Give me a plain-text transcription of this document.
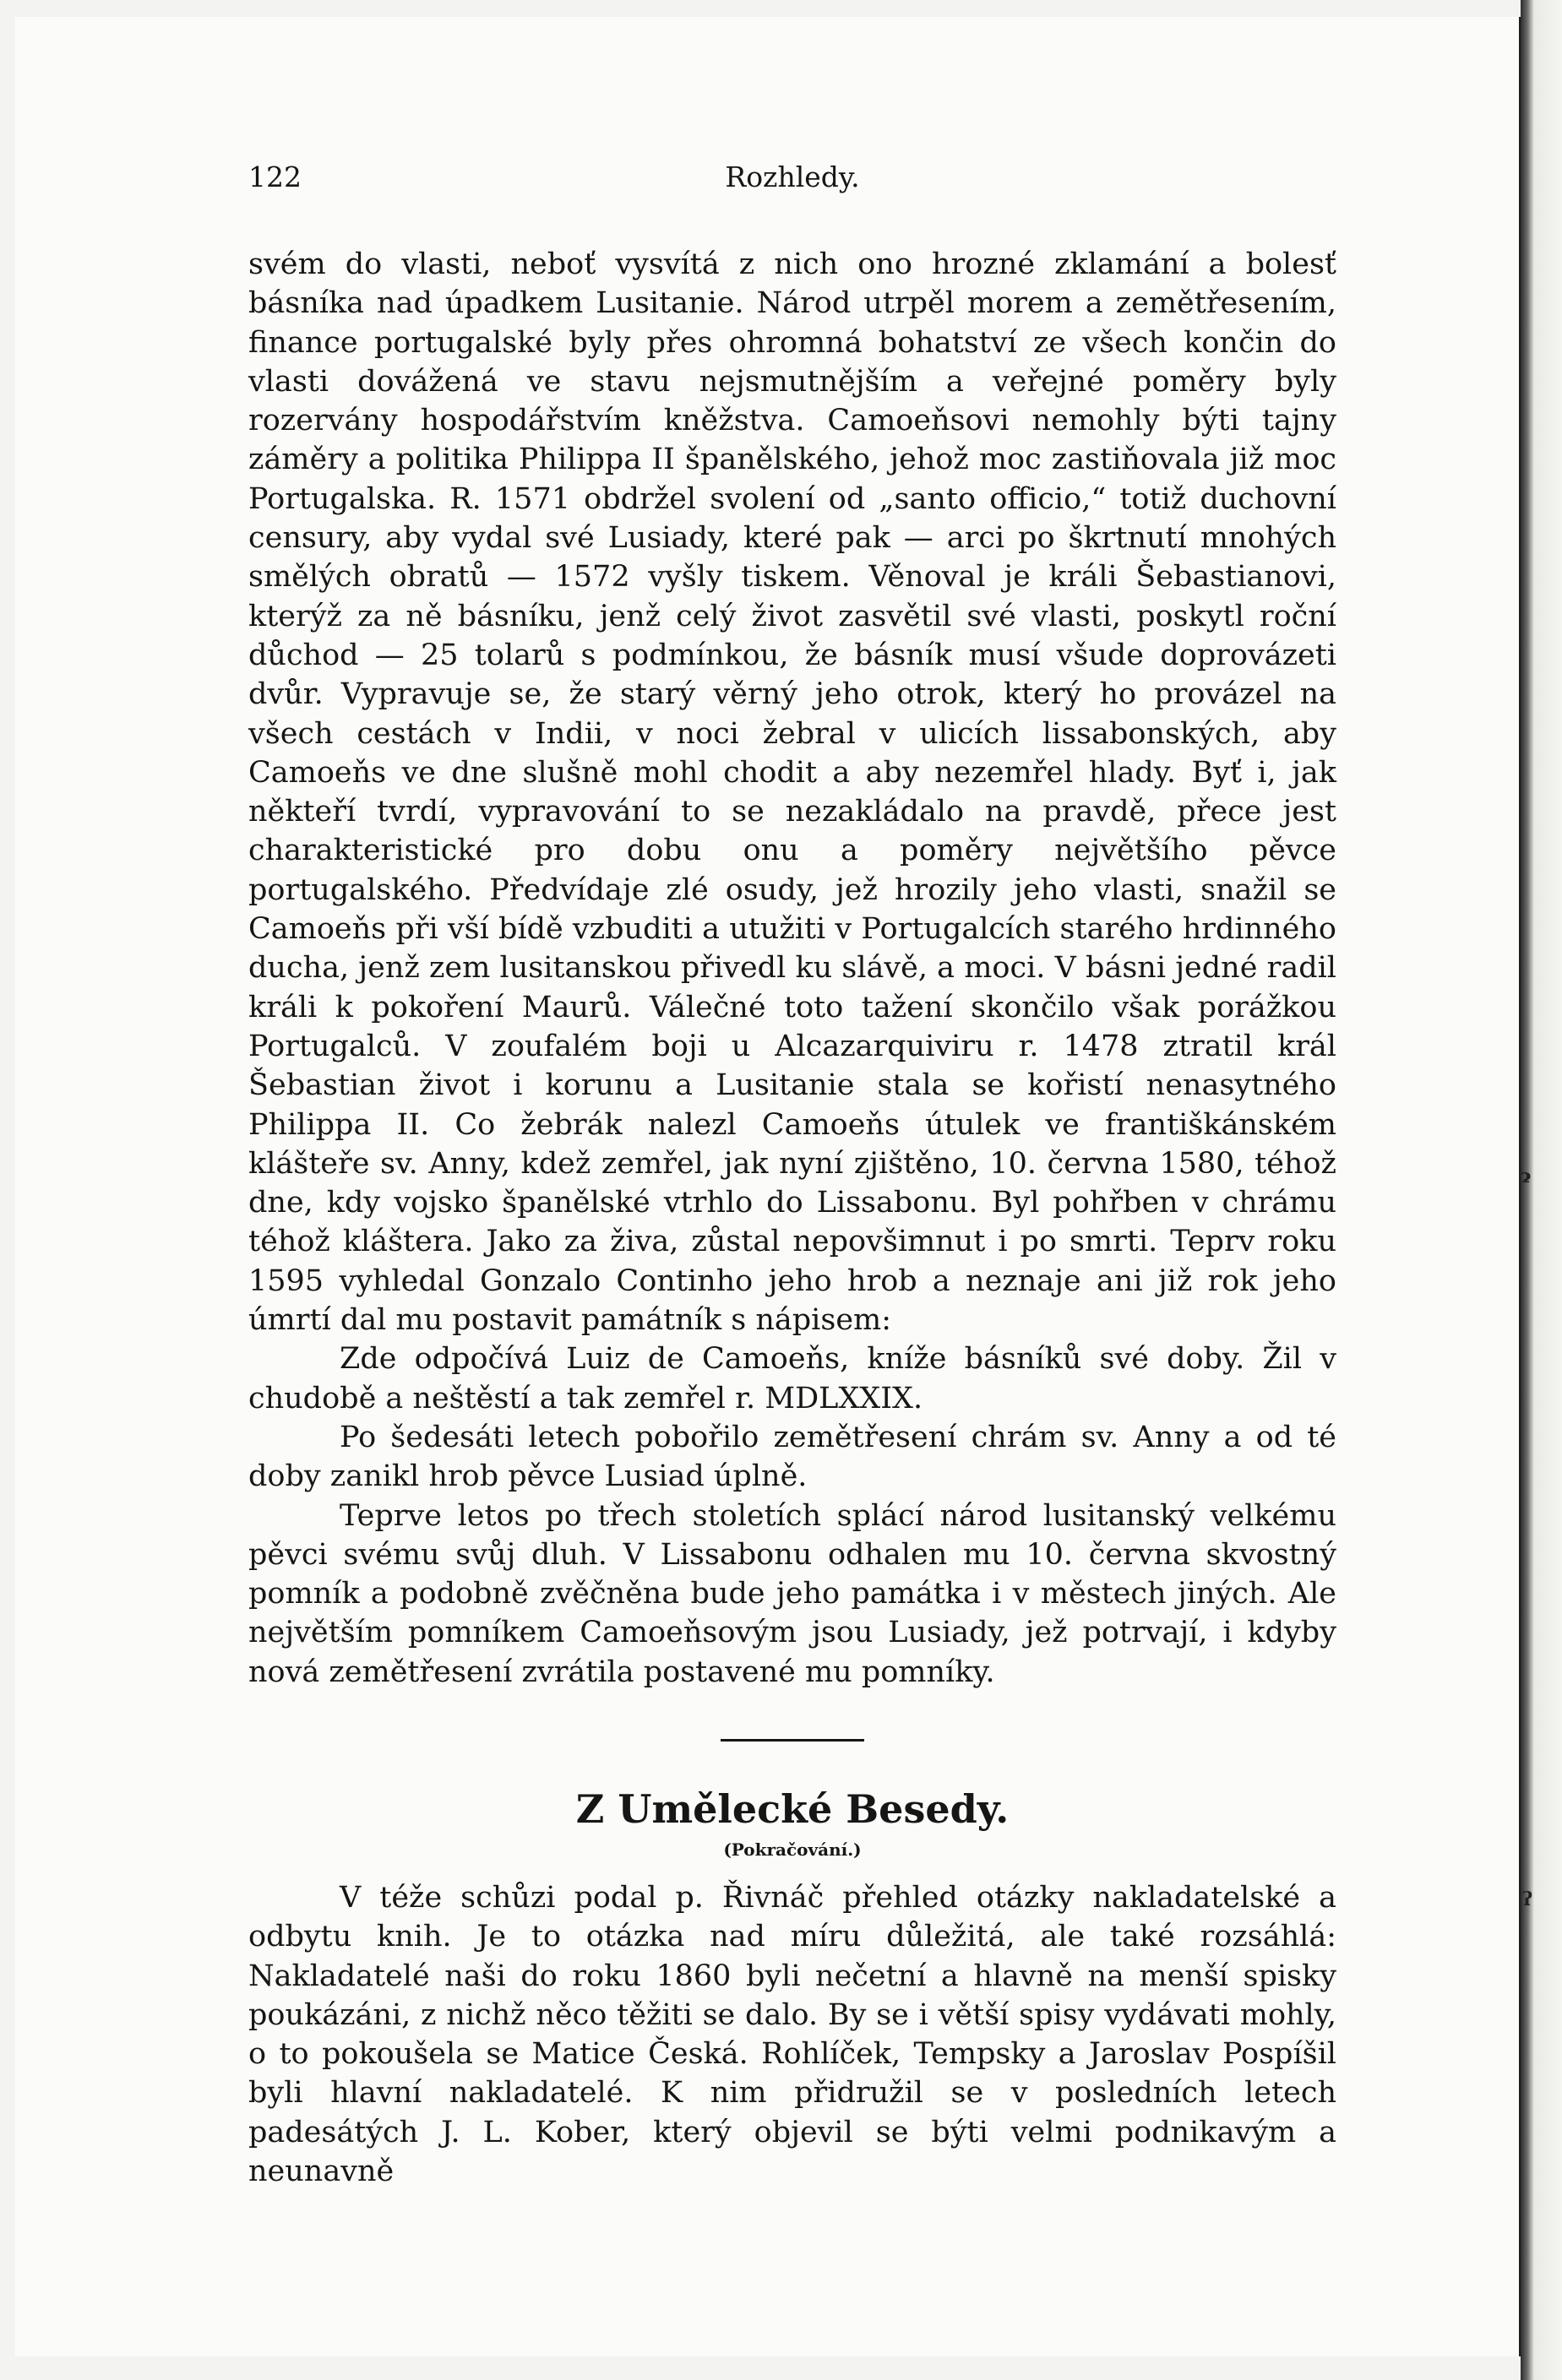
ɂ
ʔ
122	Rozhledy.

svém do vlasti, neboť vysvítá z nich ono hrozné zklamání a bolesť básníka nad úpadkem Lusitanie. Národ utrpěl morem a zemětřesením, finance portugalské byly přes ohromná bohatství ze všech končin do vlasti dovážená ve stavu nejsmutnějším a veřejné poměry byly rozervány hospodářstvím kněžstva. Camoeňsovi nemohly býti tajny záměry a politika Philippa II španělského, jehož moc zastiňovala již moc Portugalska. R. 1571 obdržel svolení od „santo officio,“ totiž duchovní censury, aby vydal své Lusiady, které pak — arci po škrtnutí mnohých smělých obratů — 1572 vyšly tiskem. Věnoval je králi Šebastianovi, kterýž za ně básníku, jenž celý život zasvětil své vlasti, poskytl roční důchod — 25 tolarů s podmínkou, že básník musí všude doprovázeti dvůr. Vypravuje se, že starý věrný jeho otrok, který ho provázel na všech cestách v Indii, v noci žebral v ulicích lissabonských, aby Camoeňs ve dne slušně mohl chodit a aby nezemřel hlady. Byť i, jak někteří tvrdí, vypravování to se nezakládalo na pravdě, přece jest charakteristické pro dobu onu a poměry největšího pěvce portugalského. Předvídaje zlé osudy, jež hrozily jeho vlasti, snažil se Camoeňs při vší bídě vzbuditi a utužiti v Portugalcích starého hrdinného ducha, jenž zem lusitanskou přivedl ku slávě, a moci. V básni jedné radil králi k pokoření Maurů. Válečné toto tažení skončilo však porážkou Portugalců. V zoufalém boji u Alcazarquiviru r. 1478 ztratil král Šebastian život i korunu a Lusitanie stala se kořistí nenasytného Philippa II. Co žebrák nalezl Camoeňs útulek ve františkánském klášteře sv. Anny, kdež zemřel, jak nyní zjištěno, 10. června 1580, téhož dne, kdy vojsko španělské vtrhlo do Lissabonu. Byl pohřben v chrámu téhož kláštera. Jako za živa, zůstal nepovšimnut i po smrti. Teprv roku 1595 vyhledal Gonzalo Continho jeho hrob a neznaje ani již rok jeho úmrtí dal mu postavit památník s nápisem:

Zde odpočívá Luiz de Camoeňs, kníže básníků své doby. Žil v chudobě a neštěstí a tak zemřel r. MDLXXIX.

Po šedesáti letech pobořilo zemětřesení chrám sv. Anny a od té doby zanikl hrob pěvce Lusiad úplně.

Teprve letos po třech stoletích splácí národ lusitanský velkému pěvci svému svůj dluh. V Lissabonu odhalen mu 10. června skvostný pomník a podobně zvěčněna bude jeho památka i v městech jiných. Ale největším pomníkem Camoeňsovým jsou Lusiady, jež potrvají, i kdyby nová zemětřesení zvrátila postavené mu pomníky.

Z Umělecké Besedy.
(Pokračování.)

V téže schůzi podal p. Řivnáč přehled otázky nakladatelské a odbytu knih. Je to otázka nad míru důležitá, ale také rozsáhlá: Nakladatelé naši do roku 1860 byli nečetní a hlavně na menší spisky poukázáni, z nichž něco těžiti se dalo. By se i větší spisy vydávati mohly, o to pokoušela se Matice Česká. Rohlíček, Tempsky a Jaroslav Pospíšil byli hlavní nakladatelé. K nim přidružil se v posledních letech padesátých J. L. Kober, který objevil se býti velmi podnikavým a neunavně
